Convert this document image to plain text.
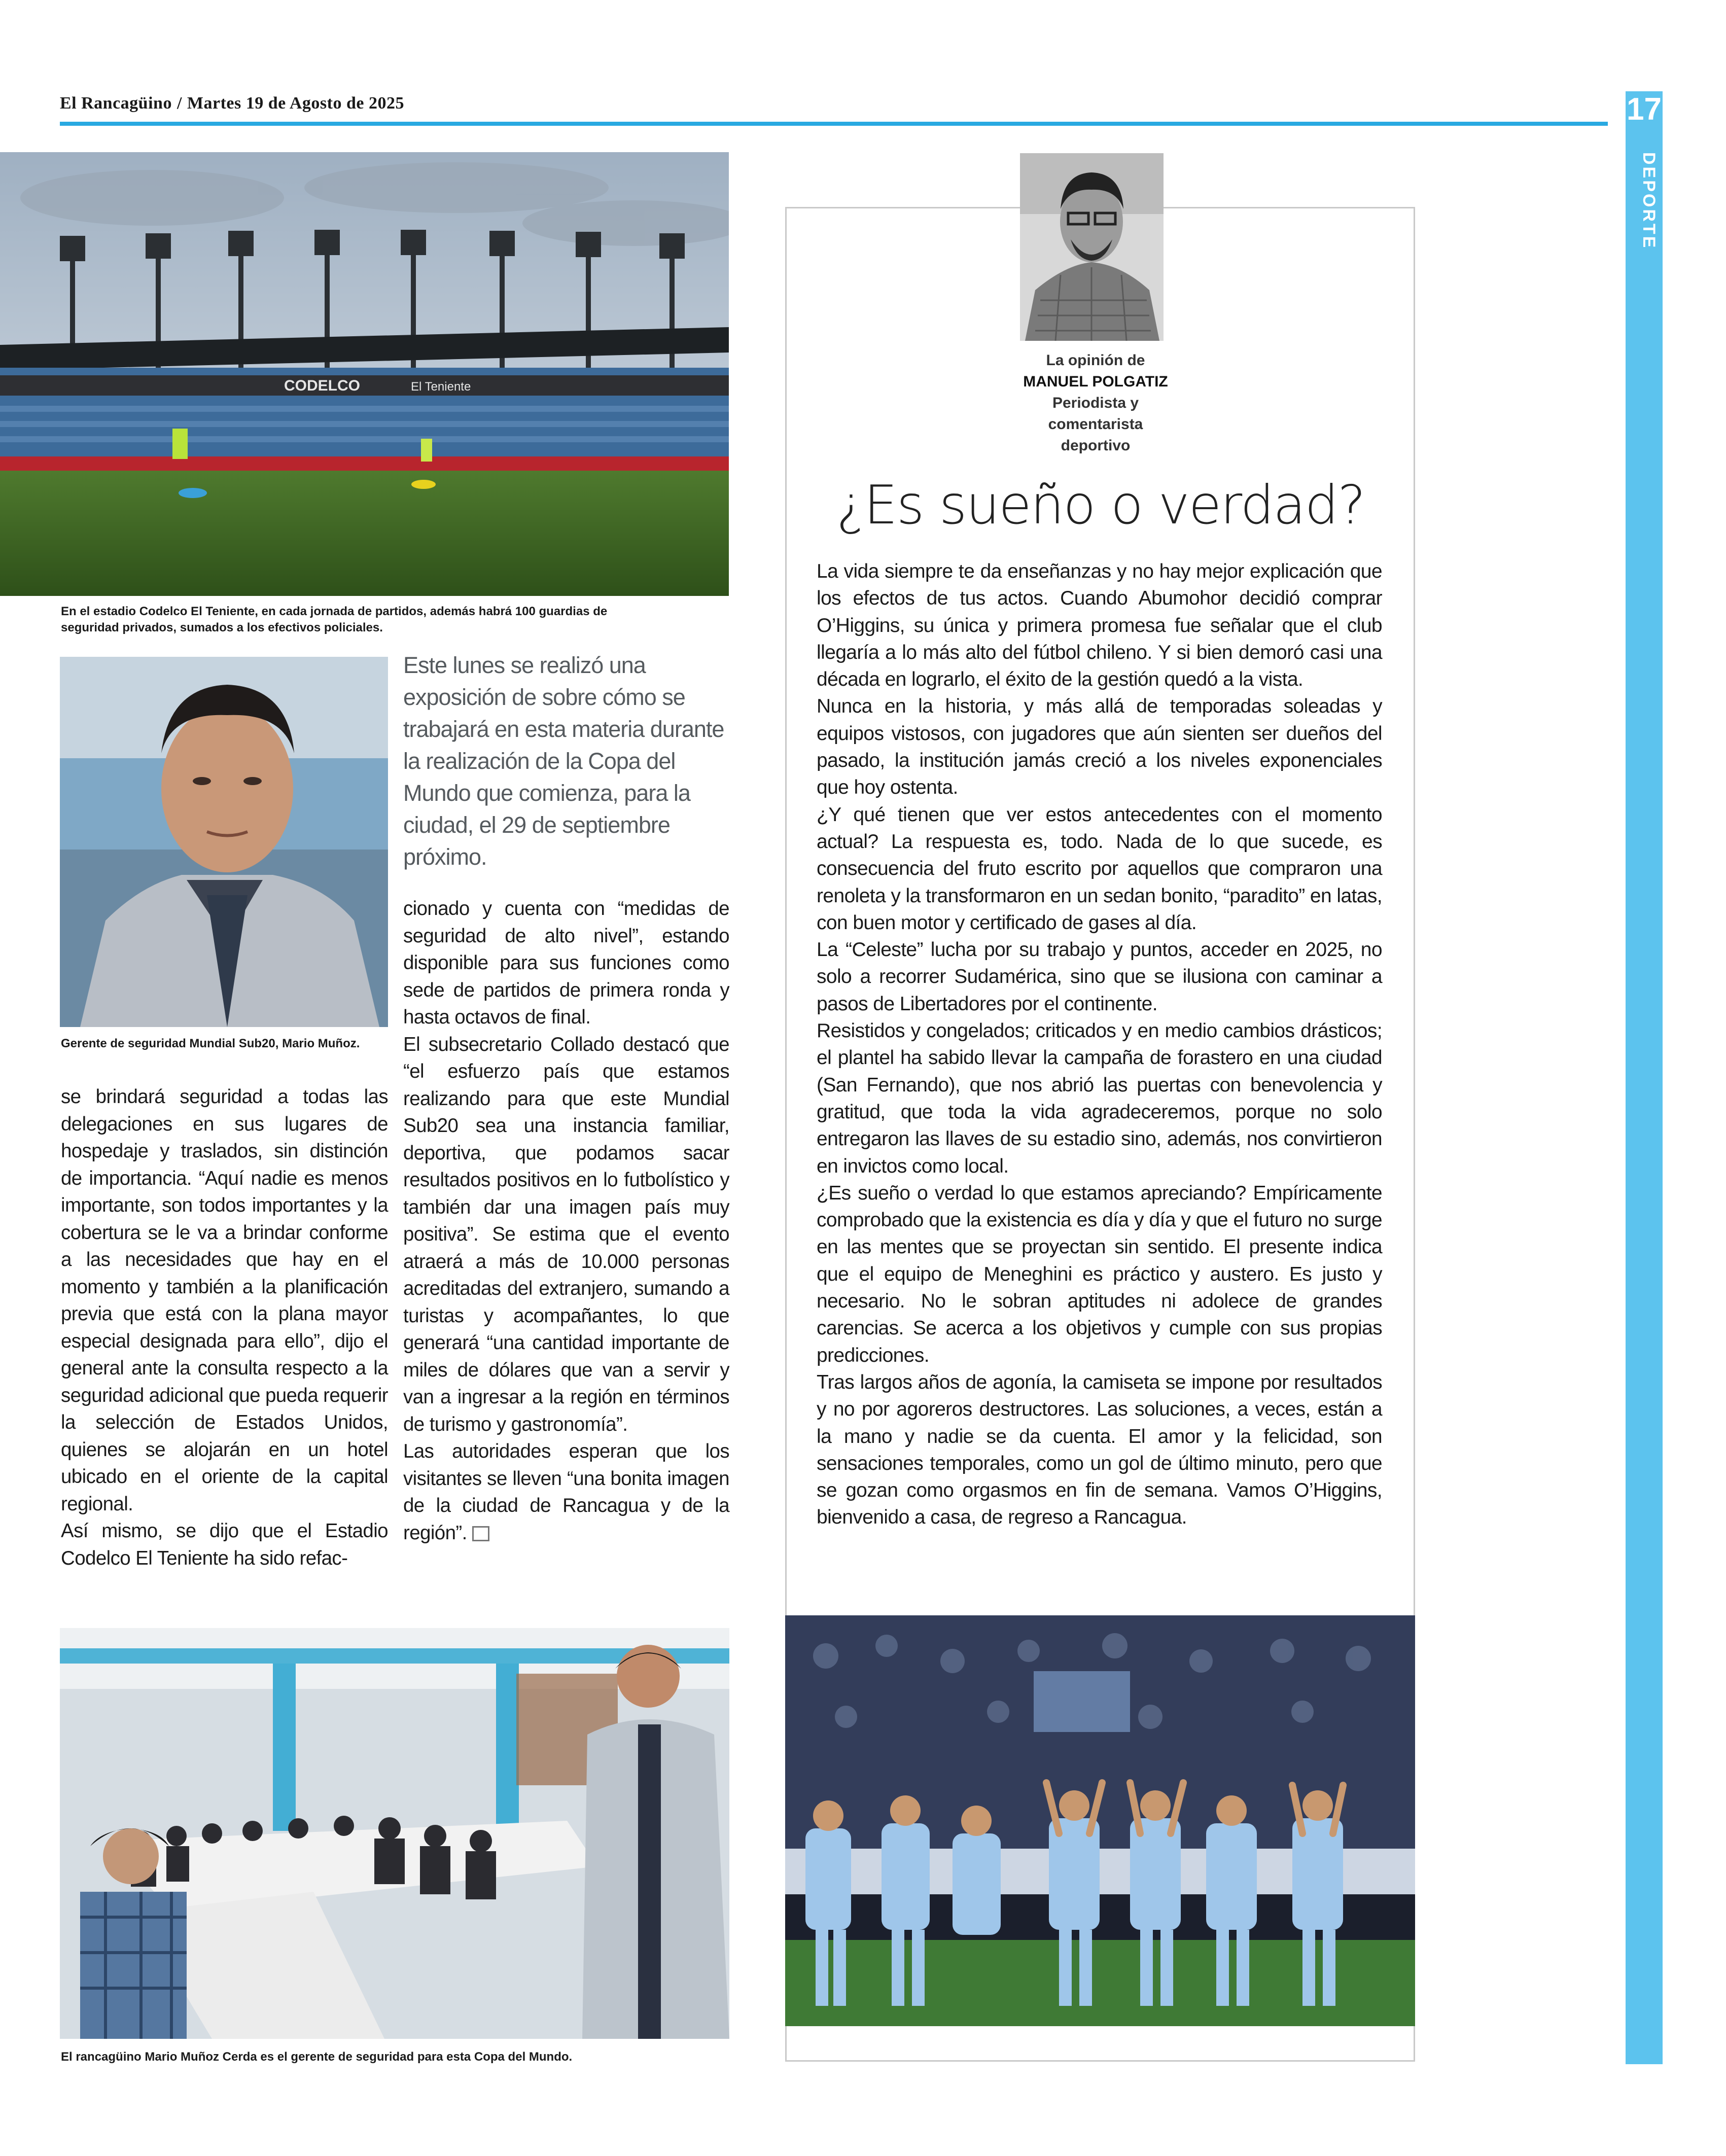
El Rancagüino / Martes 19 de Agosto de 2025	17
DEPORTE
CODELCO	El Teniente
En el estadio Codelco El Teniente, en cada jornada de partidos, además habrá 100 guardias de seguridad privados, sumados a los efectivos policiales.
Gerente de seguridad Mundial Sub20, Mario Muñoz.
Este lunes se realizó una exposición de sobre cómo se trabajará en esta materia durante la realización de la Copa del Mundo que comienza, para la ciudad, el 29 de septiembre próximo.

se brindará seguridad a todas las delegaciones en sus lugares de hospedaje y traslados, sin distinción de importancia. “Aquí nadie es menos importante, son todos importantes y la cobertura se le va a brindar conforme a las necesidades que hay en el momento y también a la planificación previa que está con la plana mayor especial designada para ello”, dijo el general ante la consulta respecto a la seguridad adicional que pueda requerir la selección de Estados Unidos, quienes se alojarán en un hotel ubicado en el oriente de la capital regional.

Así mismo, se dijo que el Estadio Codelco El Teniente ha sido refac-

cionado y cuenta con “medidas de seguridad de alto nivel”, estando disponible para sus funciones como sede de partidos de primera ronda y hasta octavos de final.

El subsecretario Collado destacó que “el esfuerzo país que estamos realizando para que este Mundial Sub20 sea una instancia familiar, deportiva, que podamos sacar resultados positivos en lo futbolístico y también dar una imagen país muy positiva”. Se estima que el evento atraerá a más de 10.000 personas acreditadas del extranjero, sumando a turistas y acompañantes, lo que generará “una cantidad importante de miles de dólares que van a servir y van a ingresar a la región en términos de turismo y gastronomía”.

Las autoridades esperan que los visitantes se lleven “una bonita imagen de la ciudad de Rancagua y de la región”.

El rancagüino Mario Muñoz Cerda es el gerente de seguridad para esta Copa del Mundo.
La opinión de
MANUEL POLGATIZ
Periodista y comentarista deportivo
¿Es sueño o verdad?

La vida siempre te da enseñanzas y no hay mejor explicación que los efectos de tus actos. Cuando Abumohor decidió comprar O’Higgins, su única y primera promesa fue señalar que el club llegaría a lo más alto del fútbol chileno. Y si bien demoró casi una década en lograrlo, el éxito de la gestión quedó a la vista.

Nunca en la historia, y más allá de temporadas soleadas y equipos vistosos, con jugadores que aún sienten ser dueños del pasado, la institución jamás creció a los niveles exponenciales que hoy ostenta.

¿Y qué tienen que ver estos antecedentes con el momento actual? La respuesta es, todo. Nada de lo que sucede, es consecuencia del fruto escrito por aquellos que compraron una renoleta y la transformaron en un sedan bonito, “paradito” en latas, con buen motor y certificado de gases al día.

La “Celeste” lucha por su trabajo y puntos, acceder en 2025, no solo a recorrer Sudamérica, sino que se ilusiona con caminar a pasos de Libertadores por el continente.

Resistidos y congelados; criticados y en medio cambios drásticos; el plantel ha sabido llevar la campaña de forastero en una ciudad (San Fernando), que nos abrió las puertas con benevolencia y gratitud, que toda la vida agradeceremos, porque no solo entregaron las llaves de su estadio sino, además, nos convirtieron en invictos como local.

¿Es sueño o verdad lo que estamos apreciando? Empíricamente comprobado que la existencia es día y día y que el futuro no surge en las mentes que se proyectan sin sentido. El presente indica que el equipo de Meneghini es práctico y austero. Es justo y necesario. No le sobran aptitudes ni adolece de grandes carencias. Se acerca a los objetivos y cumple con sus propias predicciones.

Tras largos años de agonía, la camiseta se impone por resultados y no por agoreros destructores. Las soluciones, a veces, están a la mano y nadie se da cuenta. El amor y la felicidad, son sensaciones temporales, como un gol de último minuto, pero que se gozan como orgasmos en fin de semana. Vamos O’Higgins, bienvenido a casa, de regreso a Rancagua.
